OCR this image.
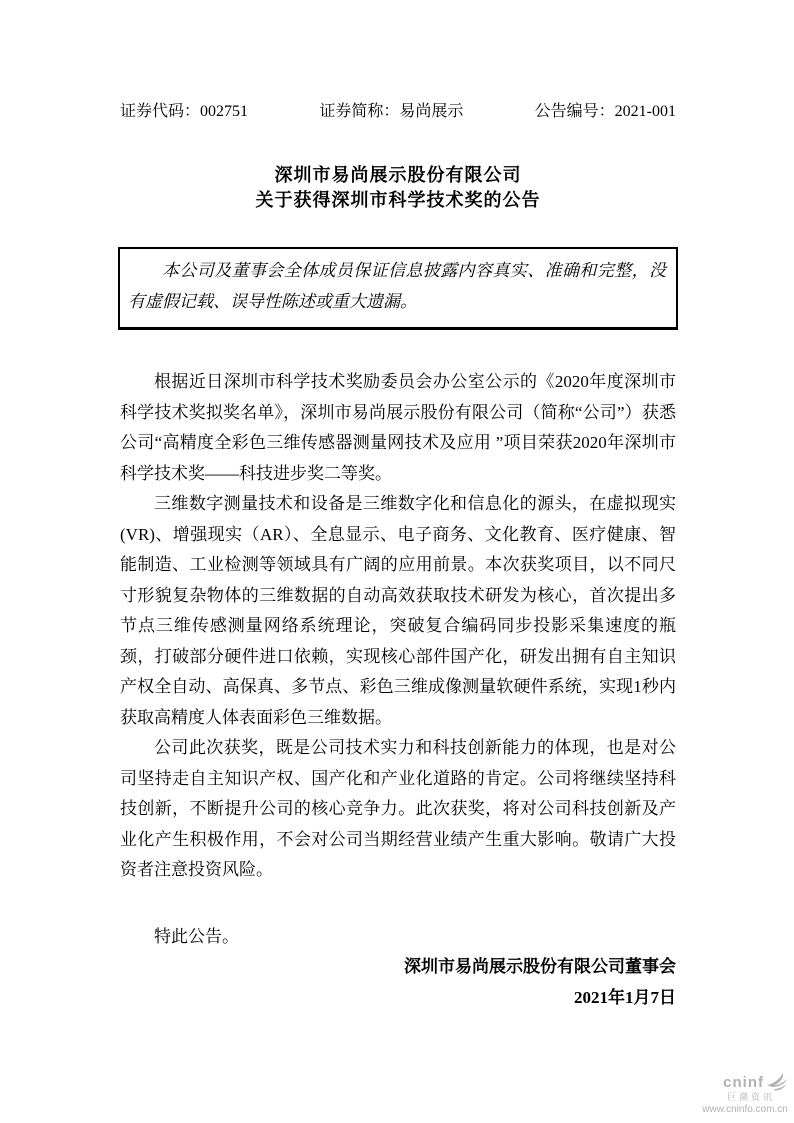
证券代码：002751	证券简称：易尚展示	公告编号：2021-001
深圳市易尚展示股份有限公司
关于获得深圳市科学技术奖的公告

本公司及董事会全体成员保证信息披露内容真实、准确和完整，没有虚假记载、误导性陈述或重大遗漏。

根据近日深圳市科学技术奖励委员会办公室公示的《2020年度深圳市科学技术奖拟奖名单》，深圳市易尚展示股份有限公司（简称“公司”）获悉公司“高精度全彩色三维传感器测量网技术及应用 ”项目荣获2020年深圳市科学技术奖——科技进步奖二等奖。

三维数字测量技术和设备是三维数字化和信息化的源头，在虚拟现实(VR)、增强现实（AR）、全息显示、电子商务、文化教育、医疗健康、智能制造、工业检测等领域具有广阔的应用前景。本次获奖项目，以不同尺寸形貌复杂物体的三维数据的自动高效获取技术研发为核心，首次提出多节点三维传感测量网络系统理论，突破复合编码同步投影采集速度的瓶颈，打破部分硬件进口依赖，实现核心部件国产化，研发出拥有自主知识产权全自动、高保真、多节点、彩色三维成像测量软硬件系统，实现1秒内获取高精度人体表面彩色三维数据。

公司此次获奖，既是公司技术实力和科技创新能力的体现，也是对公司坚持走自主知识产权、国产化和产业化道路的肯定。公司将继续坚持科技创新，不断提升公司的核心竞争力。此次获奖，将对公司科技创新及产业化产生积极作用，不会对公司当期经营业绩产生重大影响。敬请广大投资者注意投资风险。

特此公告。

深圳市易尚展示股份有限公司董事会

2021年1月7日

cninf
巨潮资讯
www.cninfo.com.cn
